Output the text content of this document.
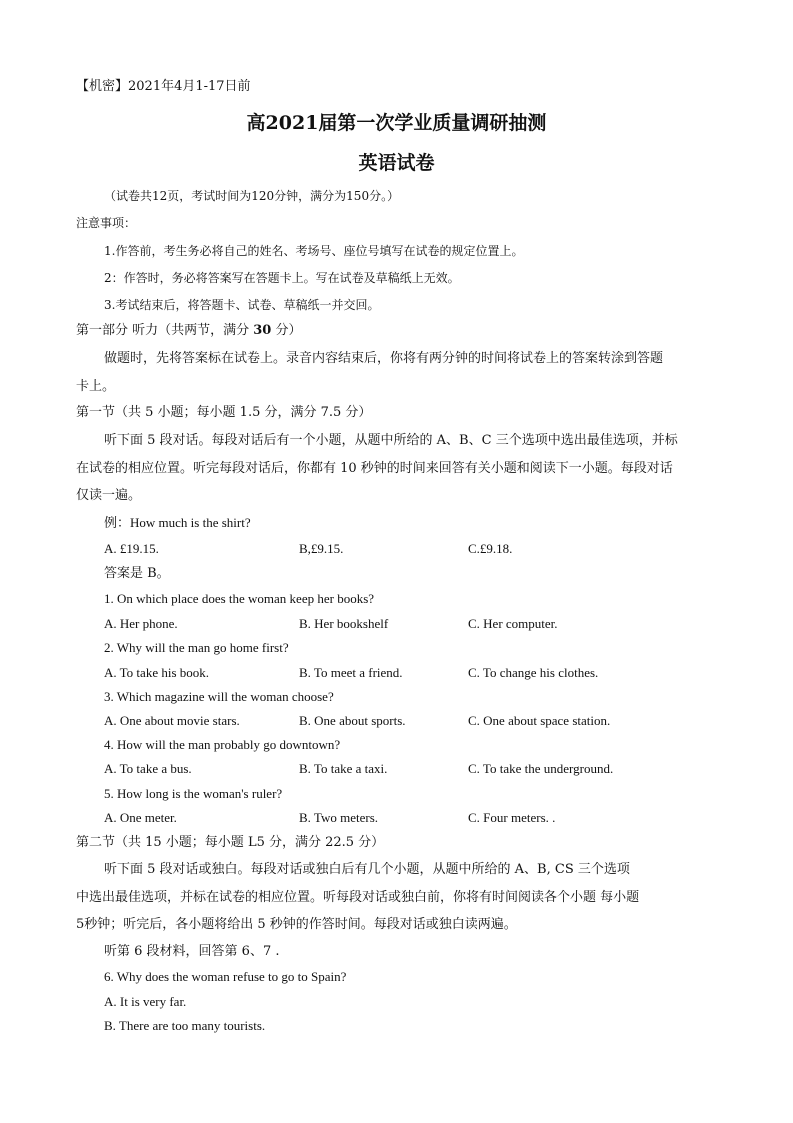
【机密】2021年4月1-17日前
高2021届第一次学业质量调研抽测
英语试卷
（试卷共12页，考试时间为120分钟，满分为150分。）
注意事项：
1.作答前，考生务必将自己的姓名、考场号、座位号填写在试卷的规定位置上。
2：作答时，务必将答案写在答题卡上。写在试卷及草稿纸上无效。
3.考试结束后，将答题卡、试卷、草稿纸一并交回。
第一部分 听力（共两节，满分 30 分）
做题时，先将答案标在试卷上。录音内容结束后，你将有两分钟的时间将试卷上的答案转涂到答题
卡上。
第一节（共 5 小题；每小题 1.5 分，满分 7.5 分）
听下面 5 段对话。每段对话后有一个小题，从题中所给的 A、B、C 三个选项中选出最佳选项，并标
在试卷的相应位置。听完每段对话后，你都有 10 秒钟的时间来回答有关小题和阅读下一小题。每段对话
仅读一遍。
例：How much is the shirt?
A. £19.15.	B,£9.15.	C.£9.18.
答案是 B。
1. On which place does the woman keep her books?
A. Her phone.	B. Her bookshelf	C. Her computer.
2. Why will the man go home first?
A. To take his book.	B. To meet a friend.	C. To change his clothes.
3. Which magazine will the woman choose?
A. One about movie stars.	B. One about sports.	C. One about space station.
4. How will the man probably go downtown?
A. To take a bus.	B. To take a taxi.	C. To take the underground.
5. How long is the woman's ruler?
A. One meter.	B. Two meters.	C. Four meters. .
第二节（共 15 小题；每小题 L5 分，满分 22.5 分）
听下面 5 段对话或独白。每段对话或独白后有几个小题，从题中所给的 A、B, CS 三个选项
中选出最佳选项，并标在试卷的相应位置。听每段对话或独白前，你将有时间阅读各个小题 每小题
5秒钟；听完后，各小题将给出 5 秒钟的作答时间。每段对话或独白读两遍。
听第 6 段材料，回答第 6、7 .
6. Why does the woman refuse to go to Spain?
A. It is very far.
B. There are too many tourists.
